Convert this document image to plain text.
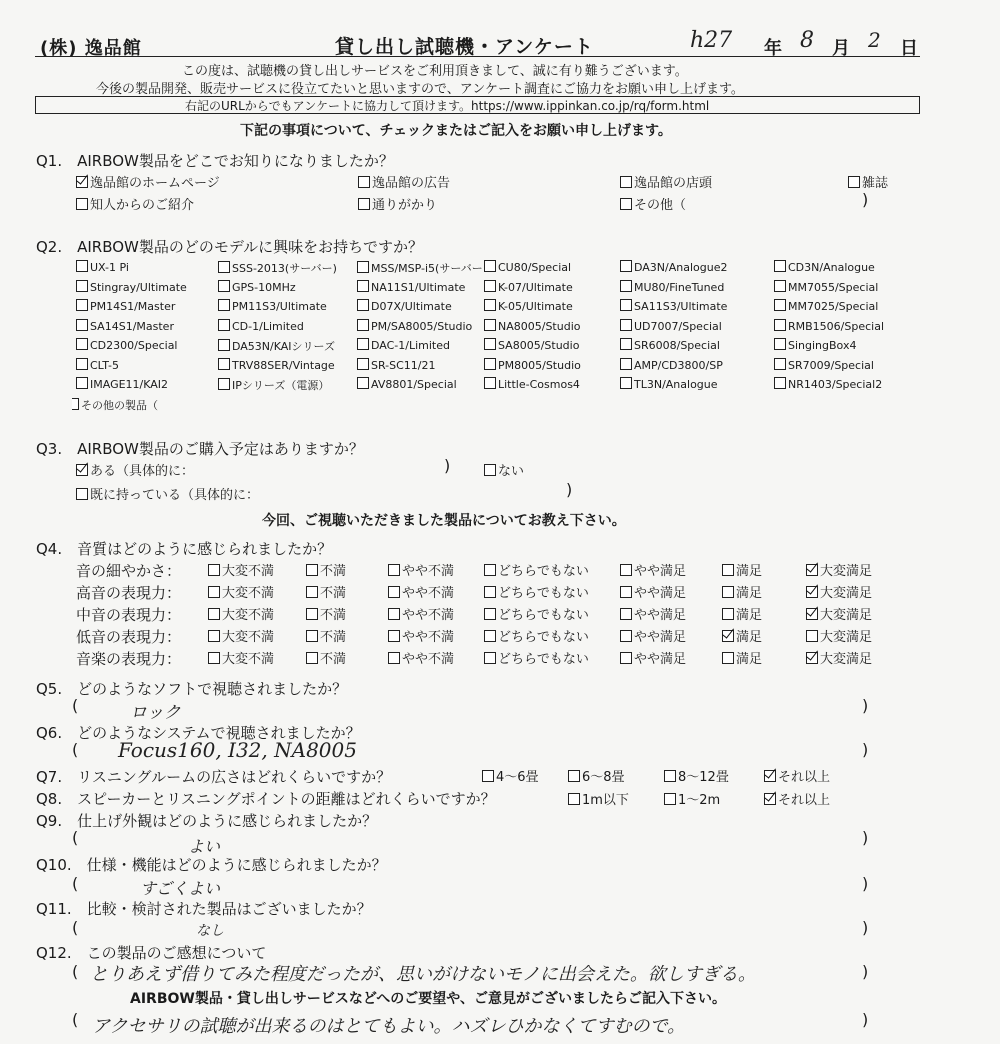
(株) 逸品館	貸し出し試聴機・アンケート	h27 年 8 月 2 日
この度は、試聴機の貸し出しサービスをご利用頂きまして、誠に有り難うございます。
今後の製品開発、販売サービスに役立てたいと思いますので、アンケート調査にご協力をお願い申し上げます。
右記のURLからでもアンケートに協力して頂けます。https://www.ippinkan.co.jp/rq/form.html
下記の事項について、チェックまたはご記入をお願い申し上げます。
Q1.　AIRBOW製品をどこでお知りになりましたか？
逸品館のホームページ	逸品館の広告	逸品館の店頭	雑誌
知人からのご紹介	通りがかり	その他（	)
Q2.　AIRBOW製品のどのモデルに興味をお持ちですか？
UX-1 Pi	SSS-2013(サーバー)	MSS/MSP-i5(サーバー	CU80/Special	DA3N/Analogue2	CD3N/Analogue
Stingray/Ultimate	GPS-10MHz	NA11S1/Ultimate	K-07/Ultimate	MU80/FineTuned	MM7055/Special
PM14S1/Master	PM11S3/Ultimate	D07X/Ultimate	K-05/Ultimate	SA11S3/Ultimate	MM7025/Special
SA14S1/Master	CD-1/Limited	PM/SA8005/Studio	NA8005/Studio	UD7007/Special	RMB1506/Special
CD2300/Special	DA53N/KAIシリーズ	DAC-1/Limited	SA8005/Studio	SR6008/Special	SingingBox4
CLT-5	TRV88SER/Vintage	SR-SC11/21	PM8005/Studio	AMP/CD3800/SP	SR7009/Special
IMAGE11/KAI2	IPシリーズ（電源）	AV8801/Special	Little-Cosmos4	TL3N/Analogue	NR1403/Special2
その他の製品（
Q3.　AIRBOW製品のご購入予定はありますか？
ある（具体的に：	)	ない
既に持っている（具体的に：	)
今回、ご視聴いただきました製品についてお教え下さい。
Q4.　音質はどのように感じられましたか？
音の細やかさ：	大変不満	不満	やや不満	どちらでもない	やや満足	満足	大変満足
高音の表現力：	大変不満	不満	やや不満	どちらでもない	やや満足	満足	大変満足
中音の表現力：	大変不満	不満	やや不満	どちらでもない	やや満足	満足	大変満足
低音の表現力：	大変不満	不満	やや不満	どちらでもない	やや満足	満足	大変満足
音楽の表現力：	大変不満	不満	やや不満	どちらでもない	やや満足	満足	大変満足
Q5.　どのようなソフトで視聴されましたか？
(	ロック	)
Q6.　どのようなシステムで視聴されましたか？
( Focus160, I32, NA8005	)
Q7.　リスニングルームの広さはどれくらいですか？	4～6畳	6～8畳	8～12畳	それ以上
Q8.　スピーカーとリスニングポイントの距離はどれくらいですか？	1m以下	1～2m	それ以上
Q9.　仕上げ外観はどのように感じられましたか？
(	よい	)
Q10.　仕様・機能はどのように感じられましたか？
(	すごくよい	)
Q11.　比較・検討された製品はございましたか？
(	なし	)
Q12.　この製品のご感想について
( とりあえず借りてみた程度だったが、思いがけないモノに出会えた。欲しすぎる。	)
AIRBOW製品・貸し出しサービスなどへのご要望や、ご意見がございましたらご記入下さい。
( アクセサリの試聴が出来るのはとてもよい。ハズレひかなくてすむので。	)
